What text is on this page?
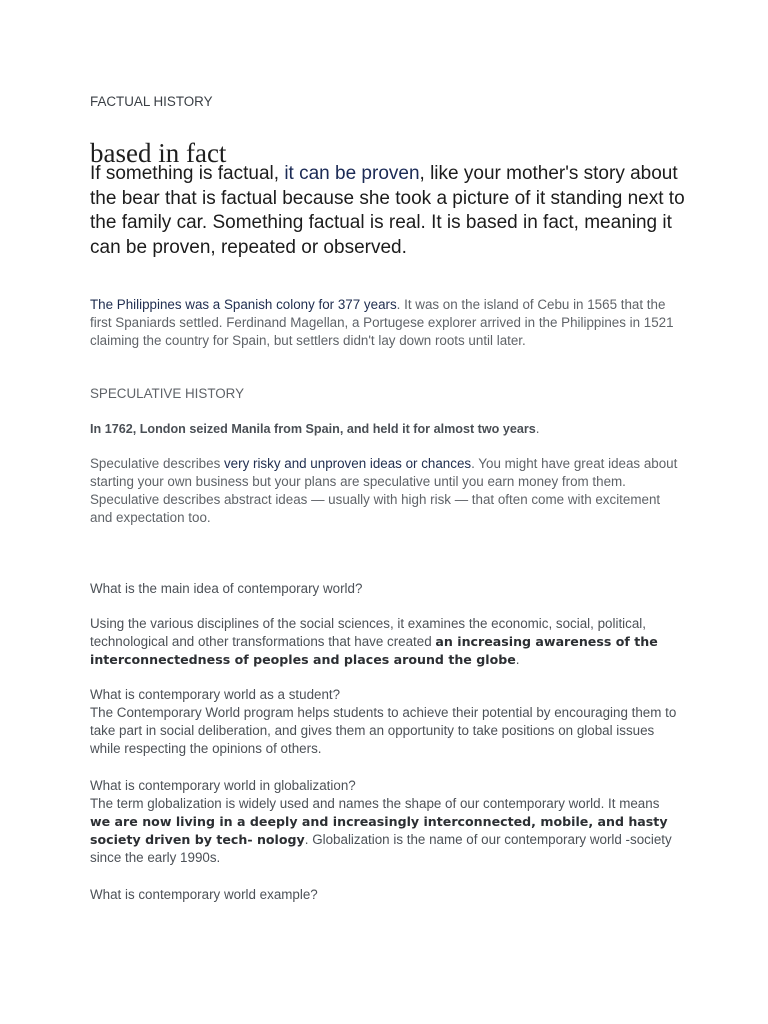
FACTUAL HISTORY

based in fact

If something is factual, it can be proven, like your mother's story about the bear that is factual because she took a picture of it standing next to the family car. Something factual is real. It is based in fact, meaning it can be proven, repeated or observed.

The Philippines was a Spanish colony for 377 years. It was on the island of Cebu in 1565 that the first Spaniards settled. Ferdinand Magellan, a Portugese explorer arrived in the Philippines in 1521 claiming the country for Spain, but settlers didn't lay down roots until later.

SPECULATIVE HISTORY

In 1762, London seized Manila from Spain, and held it for almost two years.

Speculative describes very risky and unproven ideas or chances. You might have great ideas about starting your own business but your plans are speculative until you earn money from them. Speculative describes abstract ideas — usually with high risk — that often come with excitement and expectation too.

What is the main idea of contemporary world?

Using the various disciplines of the social sciences, it examines the economic, social, political, technological and other transformations that have created an increasing awareness of the interconnectedness of peoples and places around the globe.

What is contemporary world as a student?

The Contemporary World program helps students to achieve their potential by encouraging them to take part in social deliberation, and gives them an opportunity to take positions on global issues while respecting the opinions of others.

What is contemporary world in globalization?

The term globalization is widely used and names the shape of our contemporary world. It means we are now living in a deeply and increasingly interconnected, mobile, and hasty society driven by tech- nology. Globalization is the name of our contemporary world -society since the early 1990s.

What is contemporary world example?
